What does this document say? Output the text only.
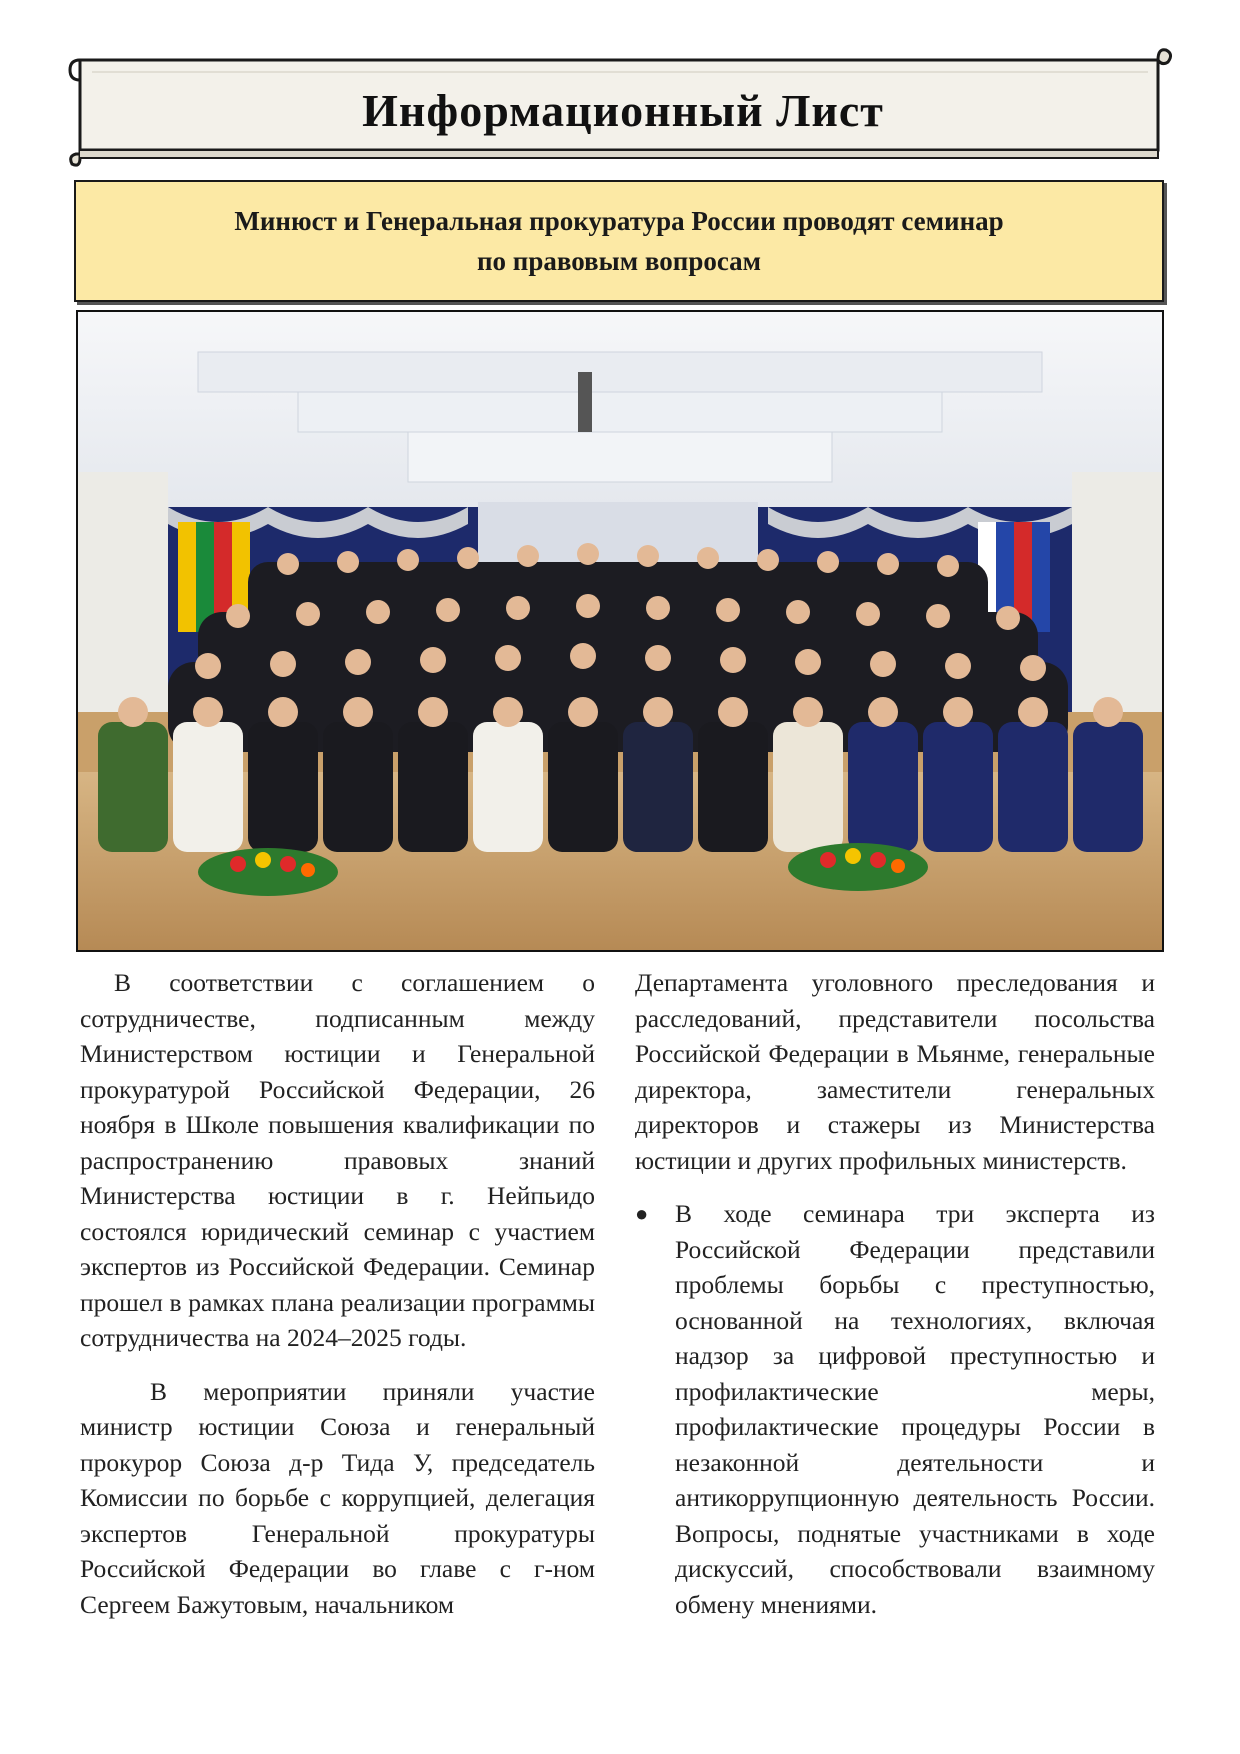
Информационный Лист
Минюст и Генеральная прокуратура России проводят семинар
по правовым вопросам

В соответствии с соглашением о сотрудничестве, подписанным между Министерством юстиции и Генеральной прокуратурой Российской Федерации, 26 ноября в Школе повышения квалификации по распространению правовых знаний Министерства юстиции в г. Нейпьидо состоялся юридический семинар с участием экспертов из Российской Федерации. Семинар прошел в рамках плана реализации программы сотрудничества на 2024–2025 годы.

В мероприятии приняли участие министр юстиции Союза и генеральный прокурор Союза д-р Тида У, председатель Комиссии по борьбе с коррупцией, делегация экспертов Генеральной прокуратуры Российской Федерации во главе с г-ном Сергеем Бажутовым, начальником

Департамента уголовного преследования и расследований, представители посольства Российской Федерации в Мьянме, генеральные директора, заместители генеральных директоров и стажеры из Министерства юстиции и других профильных министерств.

●	В ходе семинара три эксперта из Российской Федерации представили проблемы борьбы с преступностью, основанной на технологиях, включая надзор за цифровой преступностью и профилактические меры, профилактические процедуры России в незаконной деятельности и антикоррупционную деятельность России. Вопросы, поднятые участниками в ходе дискуссий, способствовали взаимному обмену мнениями.
